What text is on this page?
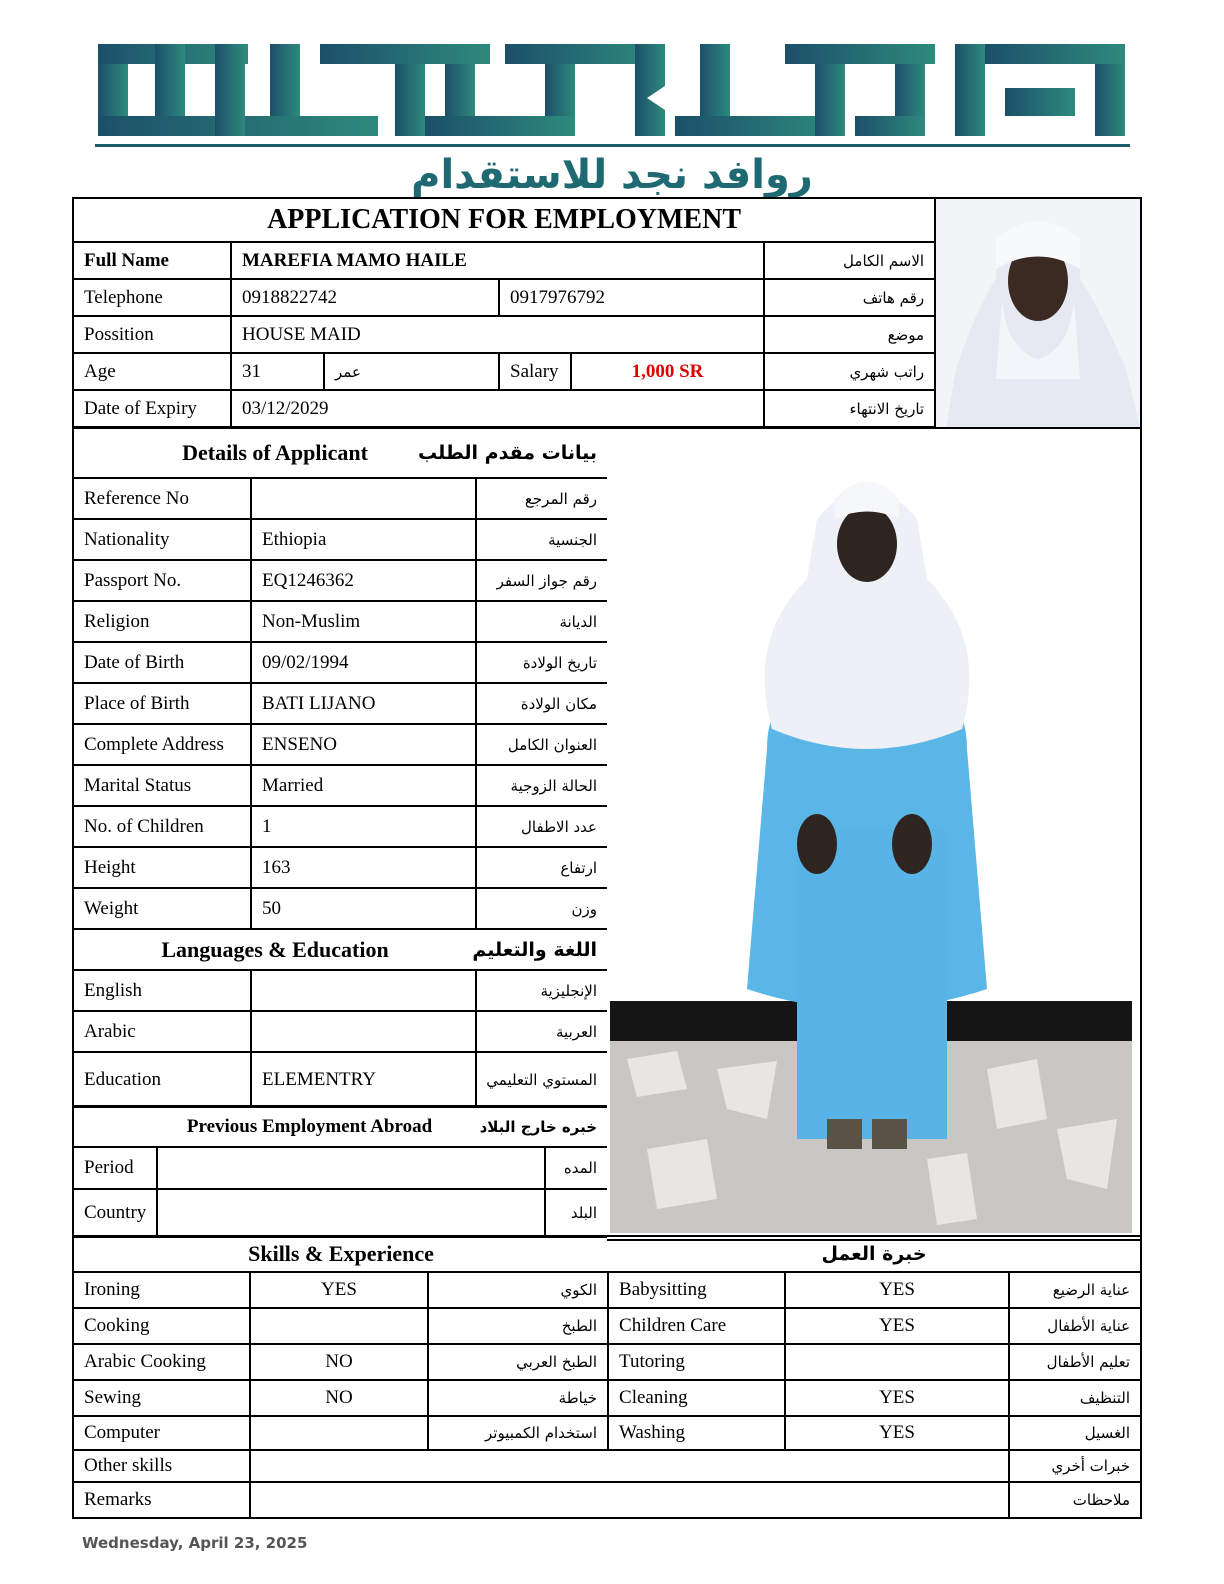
روافد نجد للاستقدام
APPLICATION FOR EMPLOYMENT					
Full Name	MAREFIA MAMO HAILE				الاسم الكامل
Telephone	0918822742		0917976792		رقم هاتف
Possition	HOUSE MAID				موضع
Age	31	عمر	Salary	1,000 SR	راتب شهري
Date of Expiry	03/12/2029				تاريخ الانتهاء
Details of Applicant		بيانات مقدم الطلب
Reference No		رقم المرجع
Nationality	Ethiopia	الجنسية
Passport No.	EQ1246362	رقم جواز السفر
Religion	Non-Muslim	الديانة
Date of Birth	09/02/1994	تاريخ الولادة
Place of Birth	BATI LIJANO	مكان الولادة
Complete Address	ENSENO	العنوان الكامل
Marital Status	Married	الحالة الزوجية
No. of Children	1	عدد الاطفال
Height	163	ارتفاع
Weight	50	وزن
Languages & Education		اللغة والتعليم
English		الإنجليزية
Arabic		العربية
Education	ELEMENTRY	المستوي التعليمي
Previous Employment Abroad		خبره خارج البلاد
Period		المده
Country		البلد
Skills & Experience			خبرة العمل		
Ironing	YES	الكوي	Babysitting	YES	عناية الرضيع
Cooking		الطبخ	Children Care	YES	عناية الأطفال
Arabic Cooking	NO	الطبخ العربي	Tutoring		تعليم الأطفال
Sewing	NO	خياطة	Cleaning	YES	التنظيف
Computer		استخدام الكمبيوتر	Washing	YES	الغسيل
Other skills					خبرات أخري
Remarks					ملاحظات
Wednesday, April 23, 2025
